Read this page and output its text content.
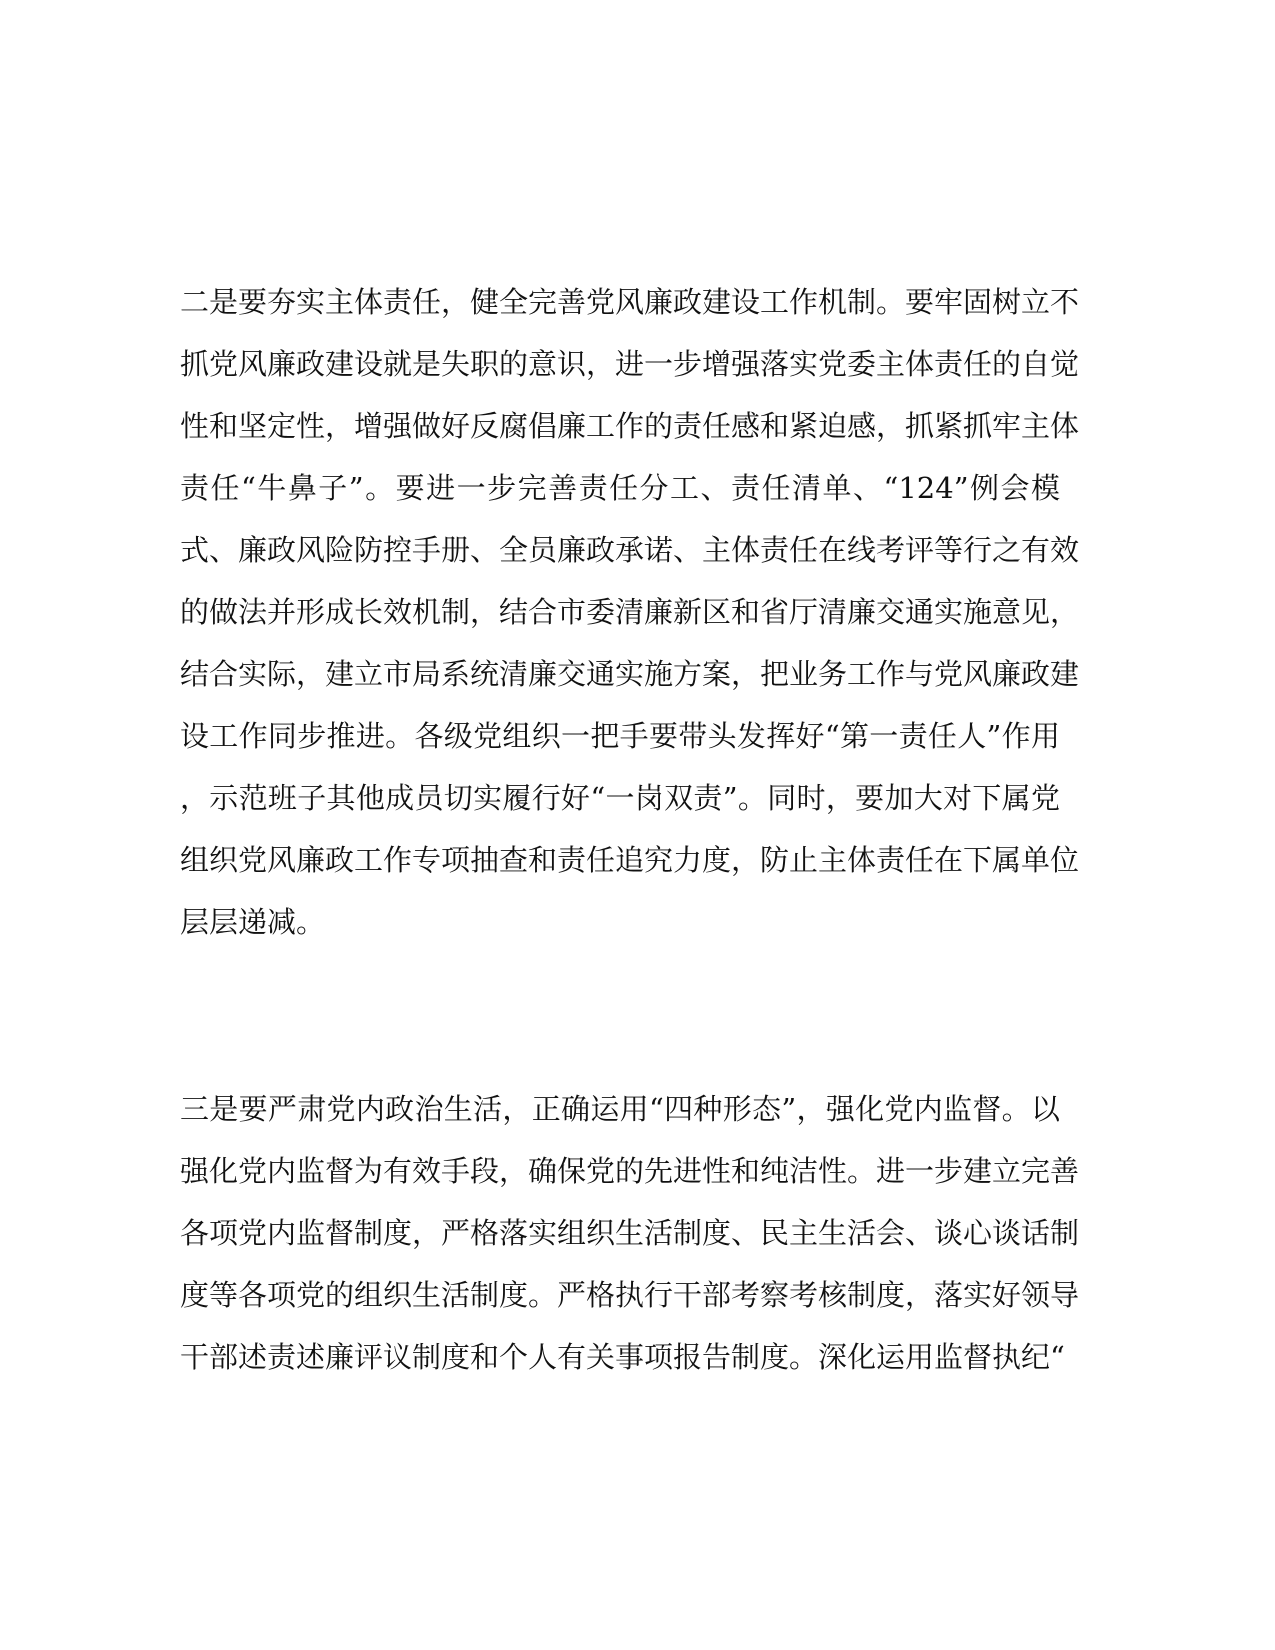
二是要夯实主体责任，健全完善党风廉政建设工作机制。要牢固树立不
抓党风廉政建设就是失职的意识，进一步增强落实党委主体责任的自觉
性和坚定性，增强做好反腐倡廉工作的责任感和紧迫感，抓紧抓牢主体
责任“牛鼻子”。要进一步完善责任分工、责任清单、“124”例会模
式、廉政风险防控手册、全员廉政承诺、主体责任在线考评等行之有效
的做法并形成长效机制，结合市委清廉新区和省厅清廉交通实施意见，
结合实际，建立市局系统清廉交通实施方案，把业务工作与党风廉政建
设工作同步推进。各级党组织一把手要带头发挥好“第一责任人”作用
，示范班子其他成员切实履行好“一岗双责”。同时，要加大对下属党
组织党风廉政工作专项抽查和责任追究力度，防止主体责任在下属单位
层层递减。
三是要严肃党内政治生活，正确运用“四种形态”，强化党内监督。以
强化党内监督为有效手段，确保党的先进性和纯洁性。进一步建立完善
各项党内监督制度，严格落实组织生活制度、民主生活会、谈心谈话制
度等各项党的组织生活制度。严格执行干部考察考核制度，落实好领导
干部述责述廉评议制度和个人有关事项报告制度。深化运用监督执纪“
